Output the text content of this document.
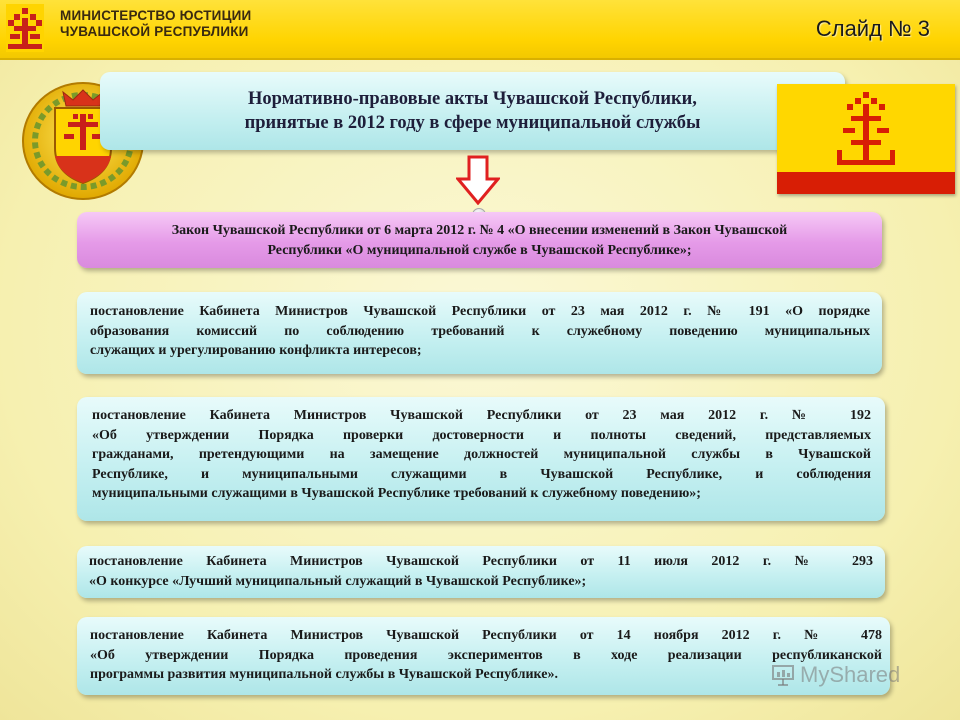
МИНИСТЕРСТВО ЮСТИЦИИ
ЧУВАШСКОЙ РЕСПУБЛИКИ	Слайд № 3
Нормативно-правовые акты Чувашской Республики,
принятые в 2012 году в сфере муниципальной службы
Закон Чувашской Республики от 6 марта 2012 г. № 4 «О внесении изменений в Закон Чувашской
Республики «О муниципальной службе в Чувашской Республике»;
постановление Кабинета Министров Чувашской Республики от 23 мая 2012 г. № 191 «О порядке
образования комиссий по соблюдению требований к служебному поведению муниципальных
служащих и урегулированию конфликта интересов;
постановление Кабинета Министров Чувашской Республики от 23 мая 2012 г. № 192
«Об утверждении Порядка проверки достоверности и полноты сведений, представляемых
гражданами, претендующими на замещение должностей муниципальной службы в Чувашской
Республике, и муниципальными служащими в Чувашской Республике, и соблюдения
муниципальными служащими в Чувашской Республике требований к служебному поведению»;
постановление Кабинета Министров Чувашской Республики от 11 июля 2012 г. № 293
«О конкурсе «Лучший муниципальный служащий в Чувашской Республике»;
постановление Кабинета Министров Чувашской Республики от 14 ноября 2012 г. № 478
«Об утверждении Порядка проведения экспериментов в ходе реализации республиканской
программы развития муниципальной службы в Чувашской Республике».	MyShared
